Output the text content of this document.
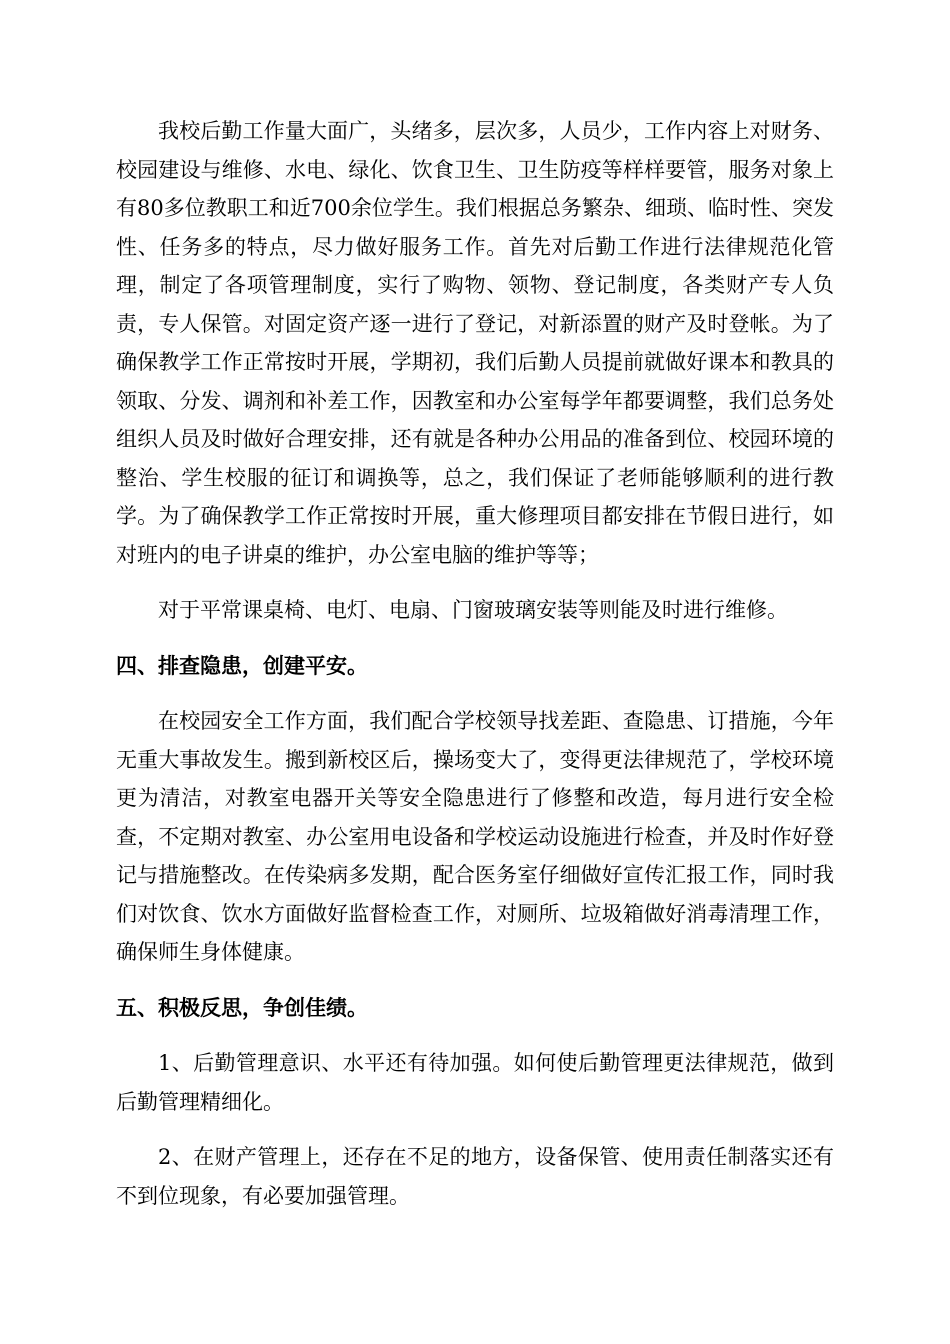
我校后勤工作量大面广，头绪多，层次多，人员少，工作内容上对财务、校园建设与维修、水电、绿化、饮食卫生、卫生防疫等样样要管，服务对象上有80多位教职工和近700余位学生。我们根据总务繁杂、细琐、临时性、突发性、任务多的特点，尽力做好服务工作。首先对后勤工作进行法律规范化管理，制定了各项管理制度，实行了购物、领物、登记制度，各类财产专人负责，专人保管。对固定资产逐一进行了登记，对新添置的财产及时登帐。为了确保教学工作正常按时开展，学期初，我们后勤人员提前就做好课本和教具的领取、分发、调剂和补差工作，因教室和办公室每学年都要调整，我们总务处组织人员及时做好合理安排，还有就是各种办公用品的准备到位、校园环境的整治、学生校服的征订和调换等，总之，我们保证了老师能够顺利的进行教学。为了确保教学工作正常按时开展，重大修理项目都安排在节假日进行，如对班内的电子讲桌的维护，办公室电脑的维护等等；

对于平常课桌椅、电灯、电扇、门窗玻璃安装等则能及时进行维修。

四、排查隐患，创建平安。

在校园安全工作方面，我们配合学校领导找差距、查隐患、订措施，今年无重大事故发生。搬到新校区后，操场变大了，变得更法律规范了，学校环境更为清洁，对教室电器开关等安全隐患进行了修整和改造，每月进行安全检查，不定期对教室、办公室用电设备和学校运动设施进行检查，并及时作好登记与措施整改。在传染病多发期，配合医务室仔细做好宣传汇报工作，同时我们对饮食、饮水方面做好监督检查工作，对厕所、垃圾箱做好消毒清理工作，确保师生身体健康。

五、积极反思，争创佳绩。

1、后勤管理意识、水平还有待加强。如何使后勤管理更法律规范，做到后勤管理精细化。

2、在财产管理上，还存在不足的地方，设备保管、使用责任制落实还有不到位现象，有必要加强管理。
